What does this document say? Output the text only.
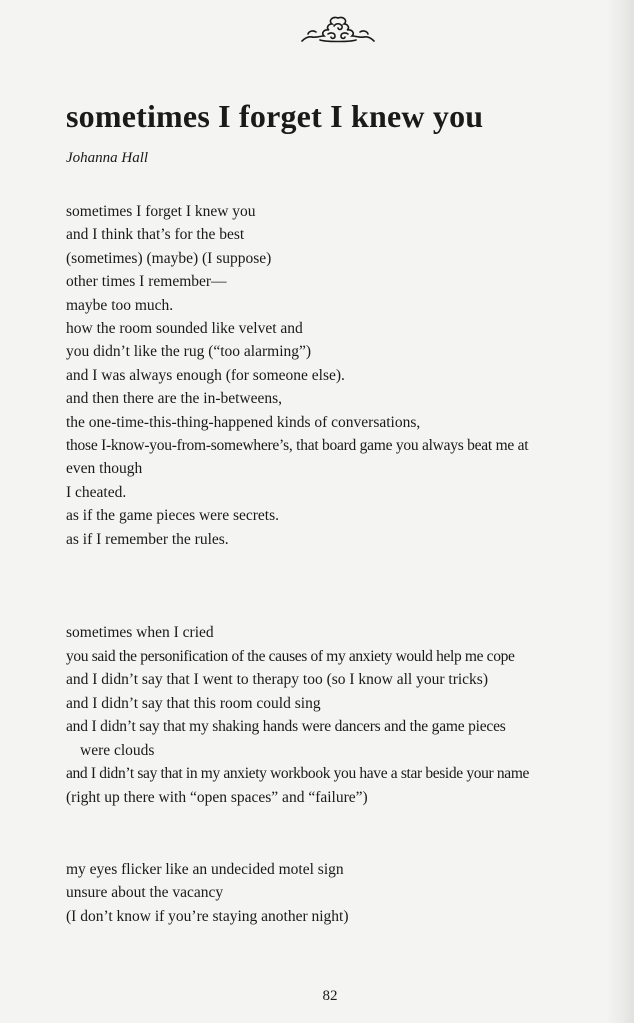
sometimes I forget I knew you
Johanna Hall
sometimes I forget I knew you
and I think that’s for the best
(sometimes) (maybe) (I suppose)
other times I remember—
maybe too much.
how the room sounded like velvet and
you didn’t like the rug (“too alarming”)
and I was always enough (for someone else).
and then there are the in-betweens,
the one-time-this-thing-happened kinds of conversations,
those I-know-you-from-somewhere’s, that board game you always beat me at
even though
I cheated.
as if the game pieces were secrets.
as if I remember the rules.
sometimes when I cried
you said the personification of the causes of my anxiety would help me cope
and I didn’t say that I went to therapy too (so I know all your tricks)
and I didn’t say that this room could sing
and I didn’t say that my shaking hands were dancers and the game pieces
were clouds
and I didn’t say that in my anxiety workbook you have a star beside your name
(right up there with “open spaces” and “failure”)
my eyes flicker like an undecided motel sign
unsure about the vacancy
(I don’t know if you’re staying another night)
82
